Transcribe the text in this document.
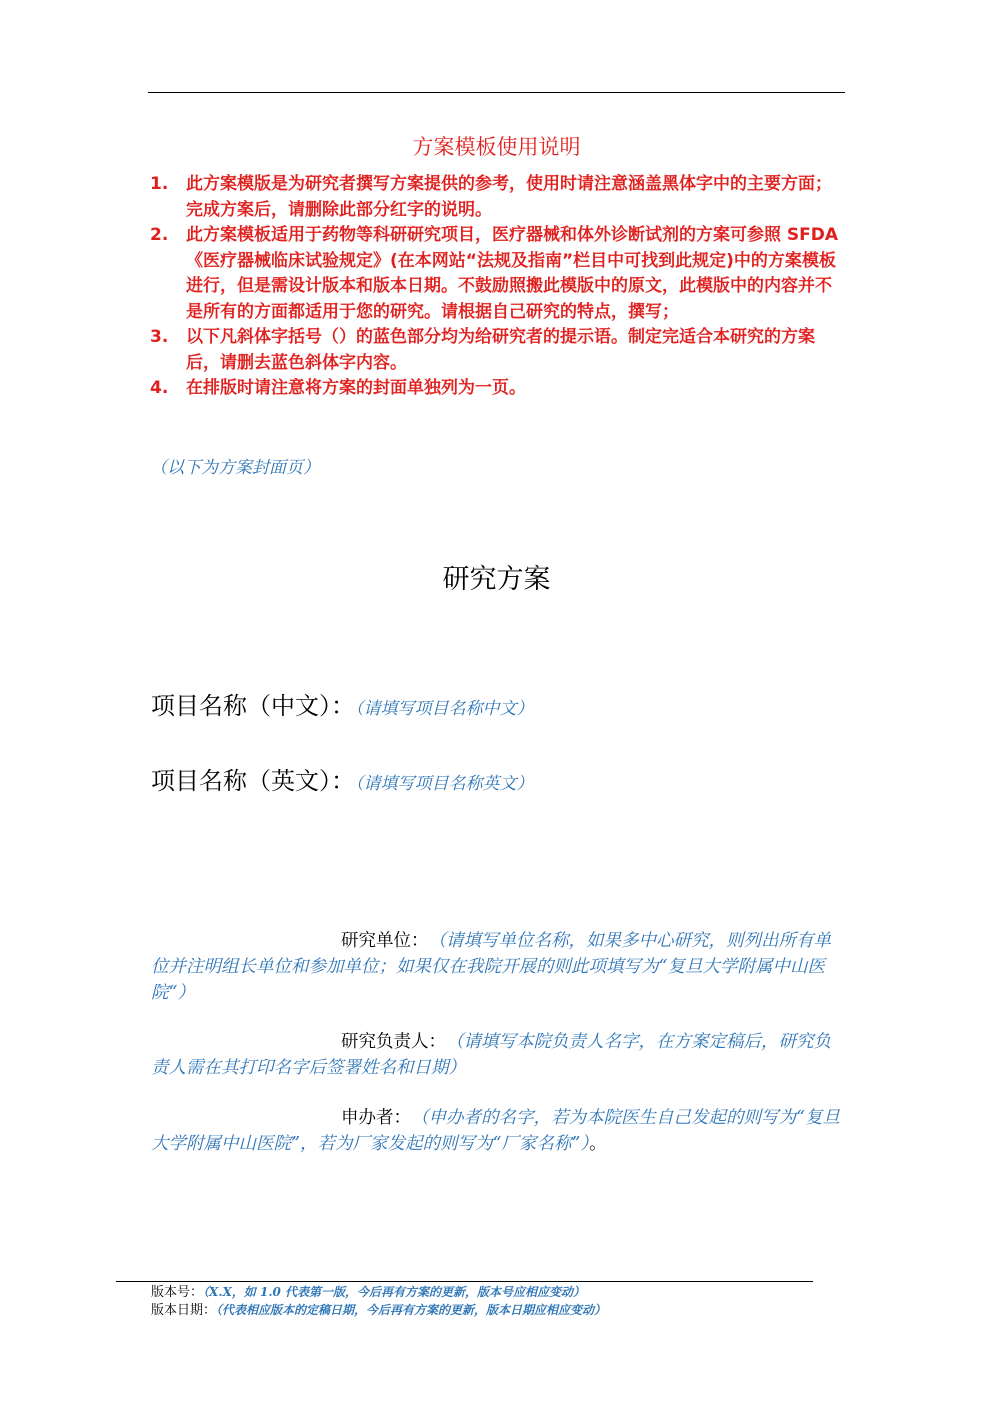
方案模板使用说明
1. 此方案模版是为研究者撰写方案提供的参考，使用时请注意涵盖黑体字中的主要方面；完成方案后，请删除此部分红字的说明。
2. 此方案模板适用于药物等科研研究项目，医疗器械和体外诊断试剂的方案可参照 SFDA《医疗器械临床试验规定》(在本网站“法规及指南”栏目中可找到此规定)中的方案模板进行，但是需设计版本和版本日期。不鼓励照搬此模版中的原文，此模版中的内容并不是所有的方面都适用于您的研究。请根据自己研究的特点，撰写；
3. 以下凡斜体字括号（）的蓝色部分均为给研究者的提示语。制定完适合本研究的方案后，请删去蓝色斜体字内容。
4. 在排版时请注意将方案的封面单独列为一页。
（以下为方案封面页）
研究方案
项目名称（中文）：（请填写项目名称中文）
项目名称（英文）：（请填写项目名称英文）
研究单位：（请填写单位名称，如果多中心研究，则列出所有单位并注明组长单位和参加单位；如果仅在我院开展的则此项填写为“复旦大学附属中山医院“）
研究负责人：（请填写本院负责人名字，在方案定稿后，研究负责人需在其打印名字后签署姓名和日期）
申办者：（申办者的名字，若为本院医生自己发起的则写为“复旦大学附属中山医院”，若为厂家发起的则写为“厂家名称”）。
版本号：（X.X，如 1.0 代表第一版，今后再有方案的更新，版本号应相应变动）
版本日期：（代表相应版本的定稿日期，今后再有方案的更新，版本日期应相应变动）
